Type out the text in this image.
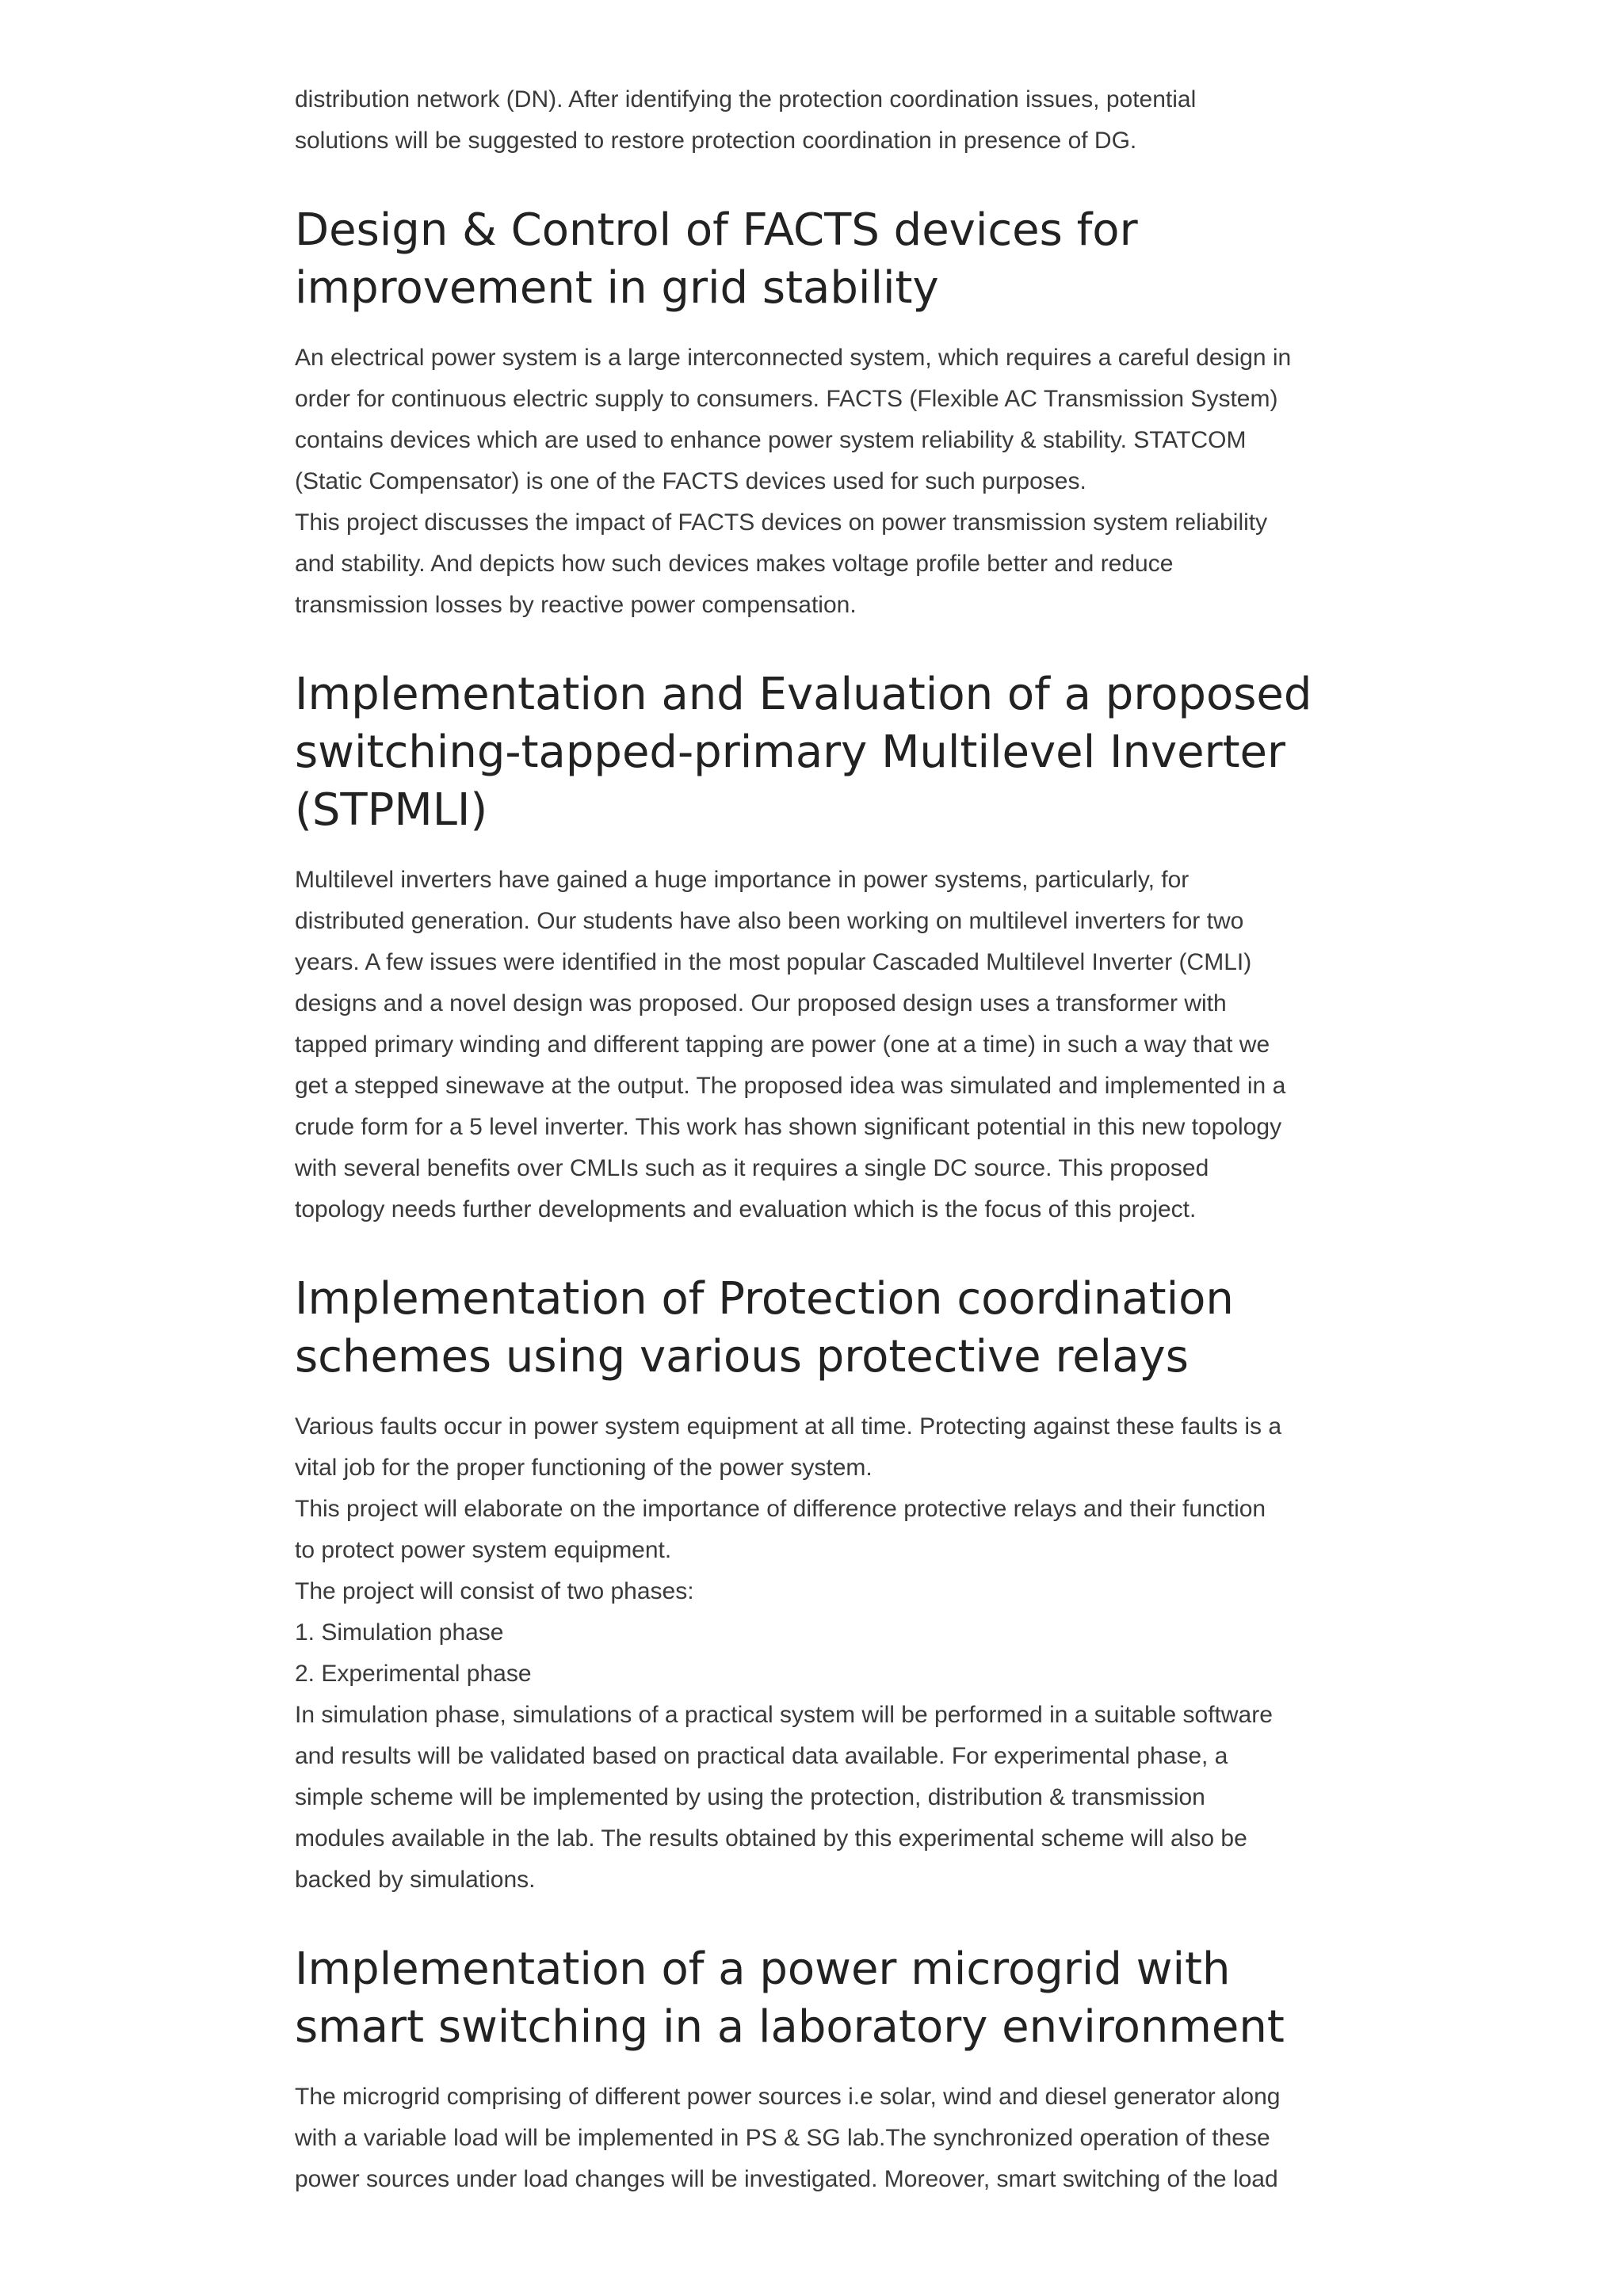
distribution network (DN). After identifying the protection coordination issues, potential

solutions will be suggested to restore protection coordination in presence of DG.

Design & Control of FACTS devices for
improvement in grid stability

An electrical power system is a large interconnected system, which requires a careful design in

order for continuous electric supply to consumers. FACTS (Flexible AC Transmission System)

contains devices which are used to enhance power system reliability & stability. STATCOM

(Static Compensator) is one of the FACTS devices used for such purposes.

This project discusses the impact of FACTS devices on power transmission system reliability

and stability. And depicts how such devices makes voltage profile better and reduce

transmission losses by reactive power compensation.

Implementation and Evaluation of a proposed
switching-tapped-primary Multilevel Inverter
(STPMLI)

Multilevel inverters have gained a huge importance in power systems, particularly, for

distributed generation. Our students have also been working on multilevel inverters for two

years. A few issues were identified in the most popular Cascaded Multilevel Inverter (CMLI)

designs and a novel design was proposed. Our proposed design uses a transformer with

tapped primary winding and different tapping are power (one at a time) in such a way that we

get a stepped sinewave at the output. The proposed idea was simulated and implemented in a

crude form for a 5 level inverter. This work has shown significant potential in this new topology

with several benefits over CMLIs such as it requires a single DC source. This proposed

topology needs further developments and evaluation which is the focus of this project.

Implementation of Protection coordination
schemes using various protective relays

Various faults occur in power system equipment at all time. Protecting against these faults is a

vital job for the proper functioning of the power system.

This project will elaborate on the importance of difference protective relays and their function

to protect power system equipment.

The project will consist of two phases:

1. Simulation phase

2. Experimental phase

In simulation phase, simulations of a practical system will be performed in a suitable software

and results will be validated based on practical data available. For experimental phase, a

simple scheme will be implemented by using the protection, distribution & transmission

modules available in the lab. The results obtained by this experimental scheme will also be

backed by simulations.

Implementation of a power microgrid with
smart switching in a laboratory environment

The microgrid comprising of different power sources i.e solar, wind and diesel generator along

with a variable load will be implemented in PS & SG lab.The synchronized operation of these

power sources under load changes will be investigated. Moreover, smart switching of the load
